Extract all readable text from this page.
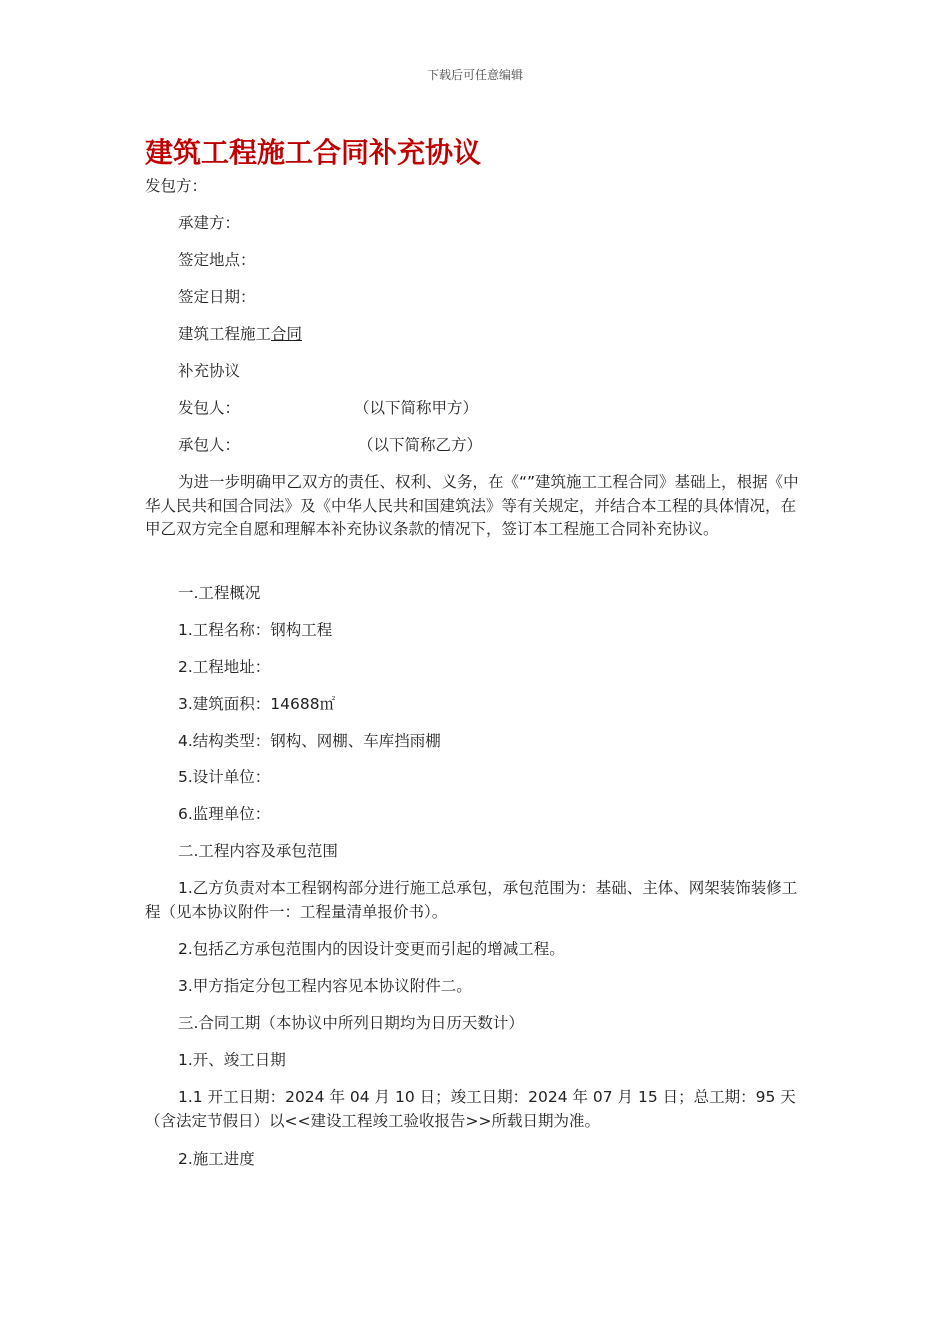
下载后可任意编辑
建筑工程施工合同补充协议

发包方：

承建方：

签定地点：

签定日期：

建筑工程施工合同

补充协议

发包人：	（以下简称甲方）

承包人：	（以下简称乙方）

为进一步明确甲乙双方的责任、权利、义务，在《“”建筑施工工程合同》基础上，根据《中华人民共和国合同法》及《中华人民共和国建筑法》等有关规定，并结合本工程的具体情况，在甲乙双方完全自愿和理解本补充协议条款的情况下，签订本工程施工合同补充协议。

一.工程概况

1.工程名称：钢构工程

2.工程地址：

3.建筑面积：14688㎡

4.结构类型：钢构、网棚、车库挡雨棚

5.设计单位：

6.监理单位：

二.工程内容及承包范围

1.乙方负责对本工程钢构部分进行施工总承包，承包范围为：基础、主体、网架装饰装修工程（见本协议附件一：工程量清单报价书）。

2.包括乙方承包范围内的因设计变更而引起的增减工程。

3.甲方指定分包工程内容见本协议附件二。

三.合同工期（本协议中所列日期均为日历天数计）

1.开、竣工日期

1.1 开工日期：2024 年 04 月 10 日；竣工日期：2024 年 07 月 15 日；总工期：95 天（含法定节假日）以<<建设工程竣工验收报告>>所载日期为准。

2.施工进度
